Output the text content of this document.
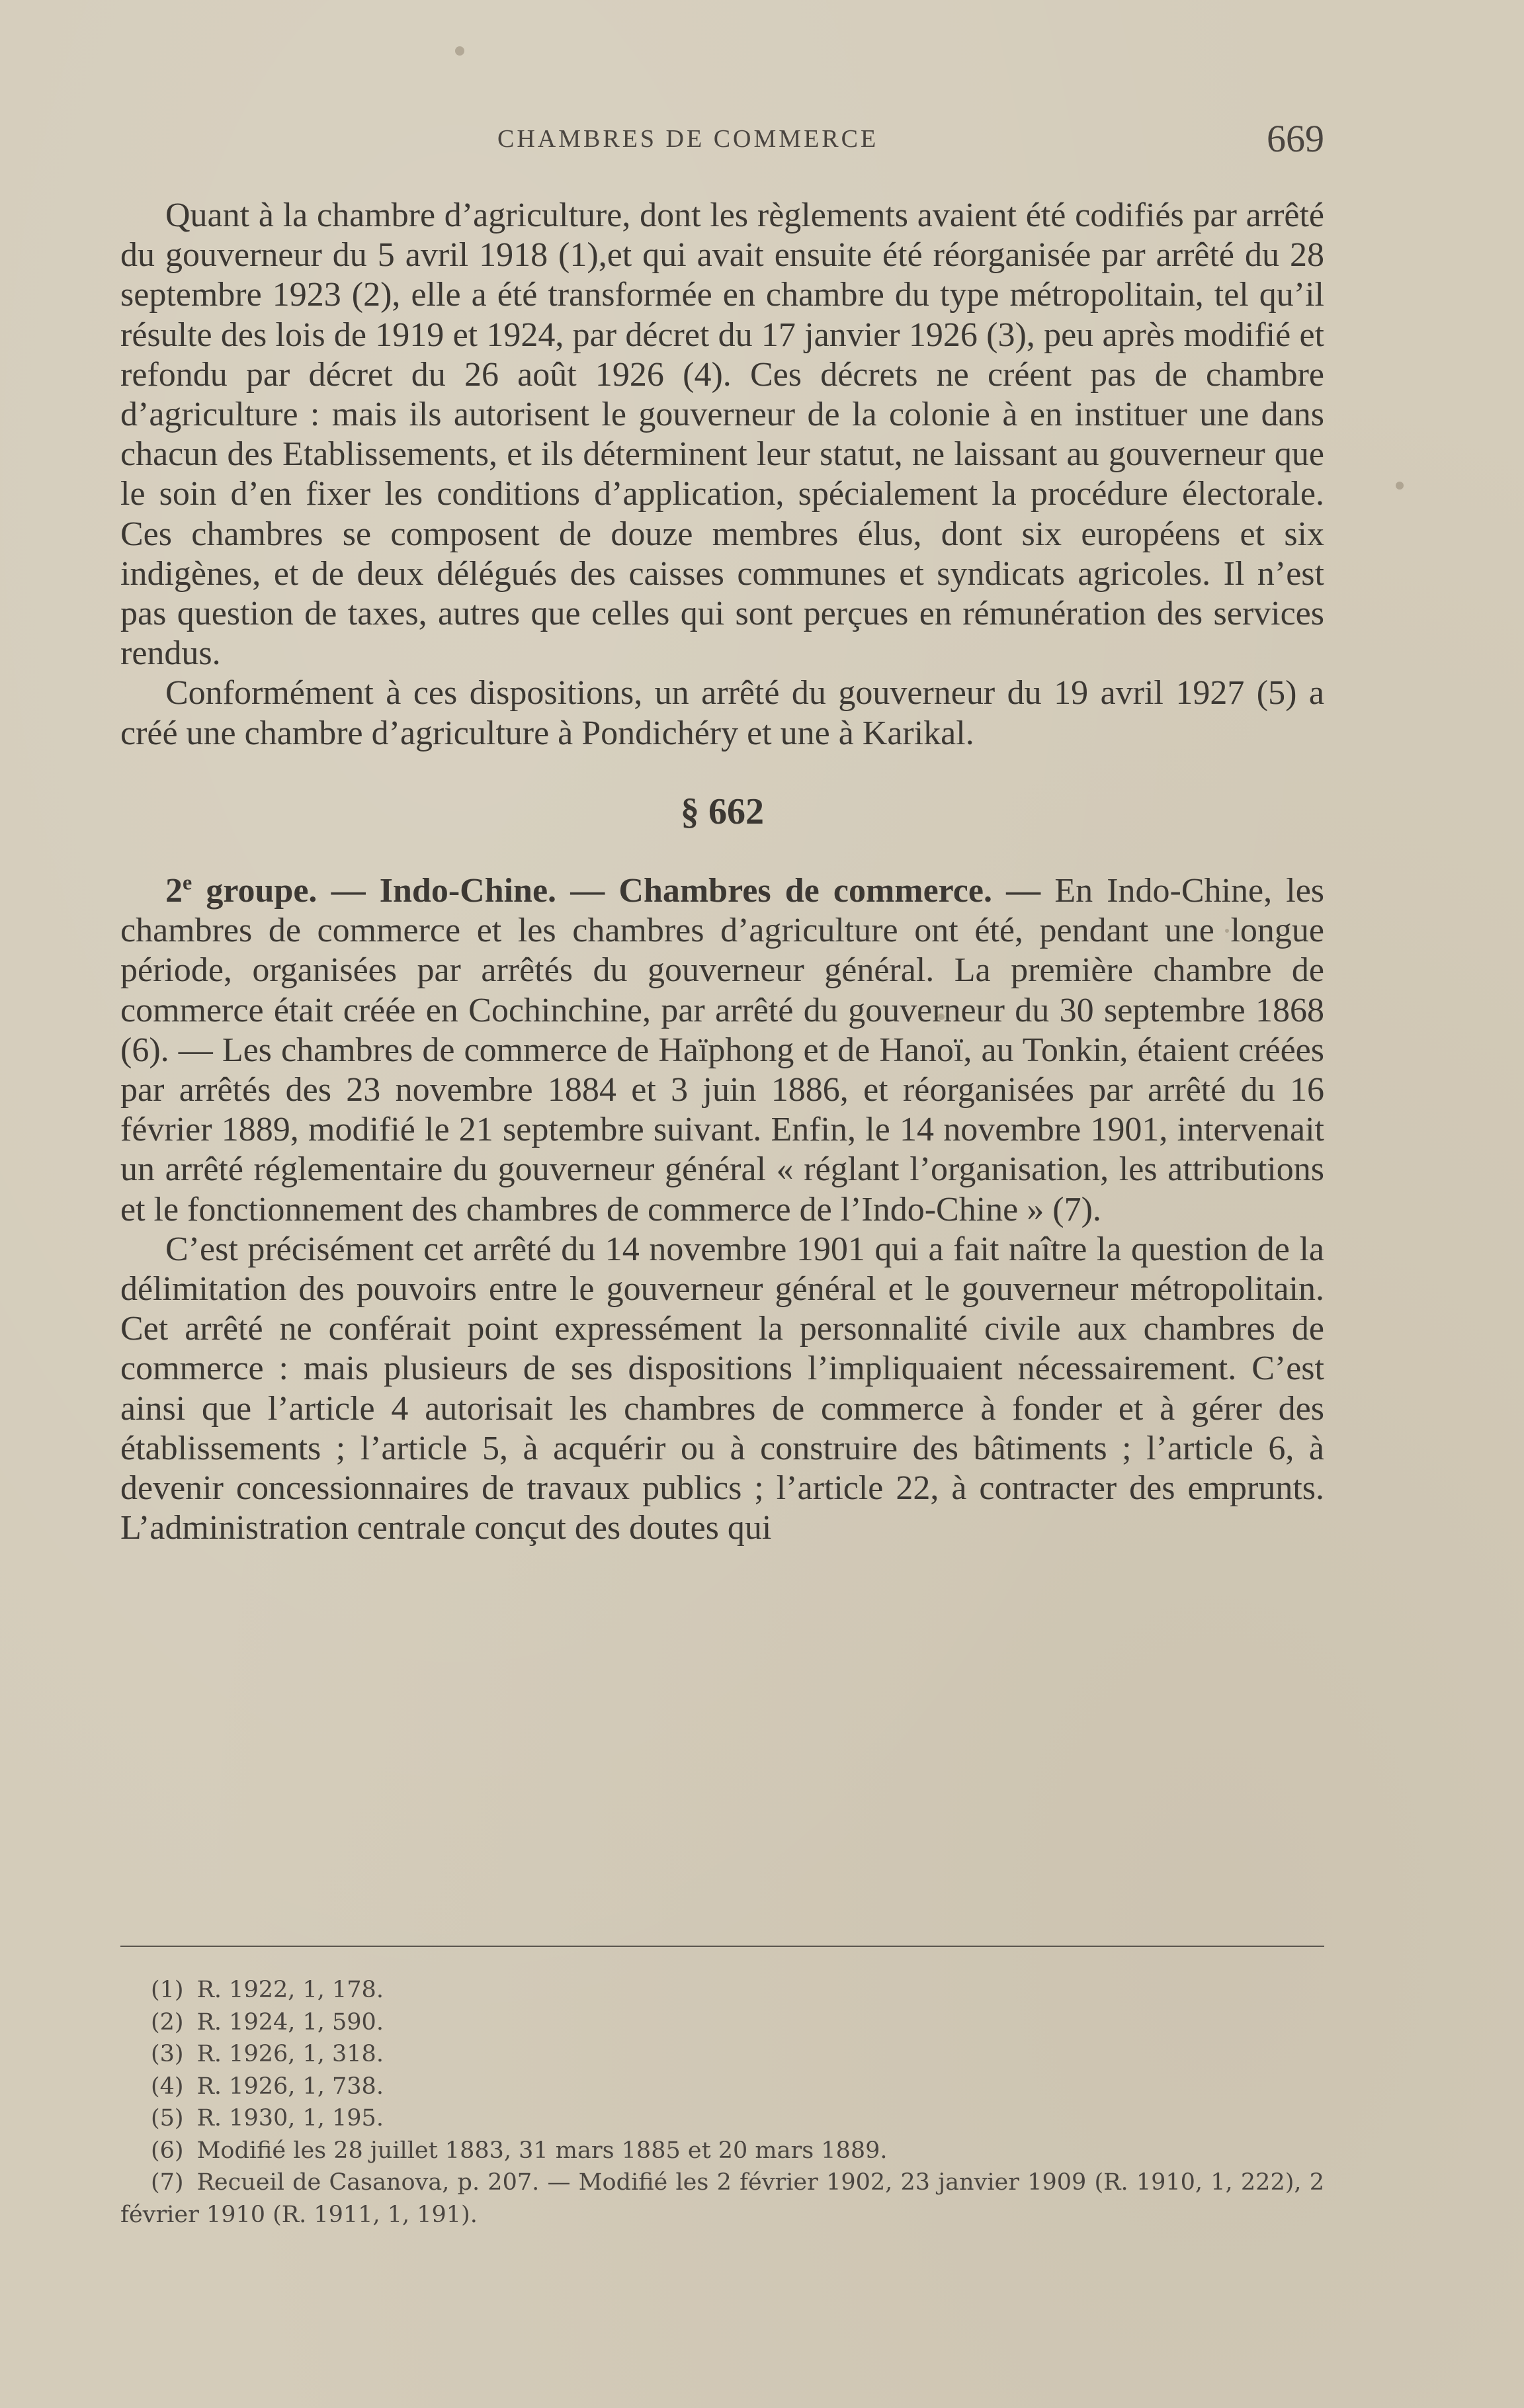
CHAMBRES DE COMMERCE	669

Quant à la chambre d’agriculture, dont les règlements avaient été codifiés par arrêté du gouverneur du 5 avril 1918 (1),et qui avait ensuite été réorganisée par arrêté du 28 septembre 1923 (2), elle a été transformée en chambre du type métropolitain, tel qu’il résulte des lois de 1919 et 1924, par décret du 17 janvier 1926 (3), peu après modifié et refondu par décret du 26 août 1926 (4). Ces décrets ne créent pas de chambre d’agriculture : mais ils autorisent le gouverneur de la colonie à en instituer une dans chacun des Etablissements, et ils déterminent leur statut, ne laissant au gouverneur que le soin d’en fixer les conditions d’application, spécialement la procédure électorale. Ces chambres se composent de douze membres élus, dont six européens et six indigènes, et de deux délégués des caisses communes et syndicats agricoles. Il n’est pas question de taxes, autres que celles qui sont perçues en rémunération des services rendus.

Conformément à ces dispositions, un arrêté du gouverneur du 19 avril 1927 (5) a créé une chambre d’agriculture à Pondichéry et une à Karikal.

§ 662

2e groupe. — Indo-Chine. — Chambres de commerce. — En Indo-Chine, les chambres de commerce et les chambres d’agriculture ont été, pendant une longue période, organisées par arrêtés du gouverneur général. La première chambre de commerce était créée en Cochinchine, par arrêté du gouverneur du 30 septembre 1868 (6). — Les chambres de commerce de Haïphong et de Hanoï, au Tonkin, étaient créées par arrêtés des 23 novembre 1884 et 3 juin 1886, et réorganisées par arrêté du 16 février 1889, modifié le 21 septembre suivant. Enfin, le 14 novembre 1901, intervenait un arrêté réglementaire du gouverneur général « réglant l’organisation, les attributions et le fonctionnement des chambres de commerce de l’Indo-Chine » (7).

C’est précisément cet arrêté du 14 novembre 1901 qui a fait naître la question de la délimitation des pouvoirs entre le gouverneur général et le gouverneur métropolitain. Cet arrêté ne conférait point expressément la personnalité civile aux chambres de commerce : mais plusieurs de ses dispositions l’impliquaient nécessairement. C’est ainsi que l’article 4 autorisait les chambres de commerce à fonder et à gérer des établissements ; l’article 5, à acquérir ou à construire des bâtiments ; l’article 6, à devenir concessionnaires de travaux publics ; l’article 22, à contracter des emprunts. L’administration centrale conçut des doutes qui

(1) R. 1922, 1, 178.

(2) R. 1924, 1, 590.

(3) R. 1926, 1, 318.

(4) R. 1926, 1, 738.

(5) R. 1930, 1, 195.

(6) Modifié les 28 juillet 1883, 31 mars 1885 et 20 mars 1889.

(7) Recueil de Casanova, p. 207. — Modifié les 2 février 1902, 23 janvier 1909 (R. 1910, 1, 222), 2 février 1910 (R. 1911, 1, 191).
